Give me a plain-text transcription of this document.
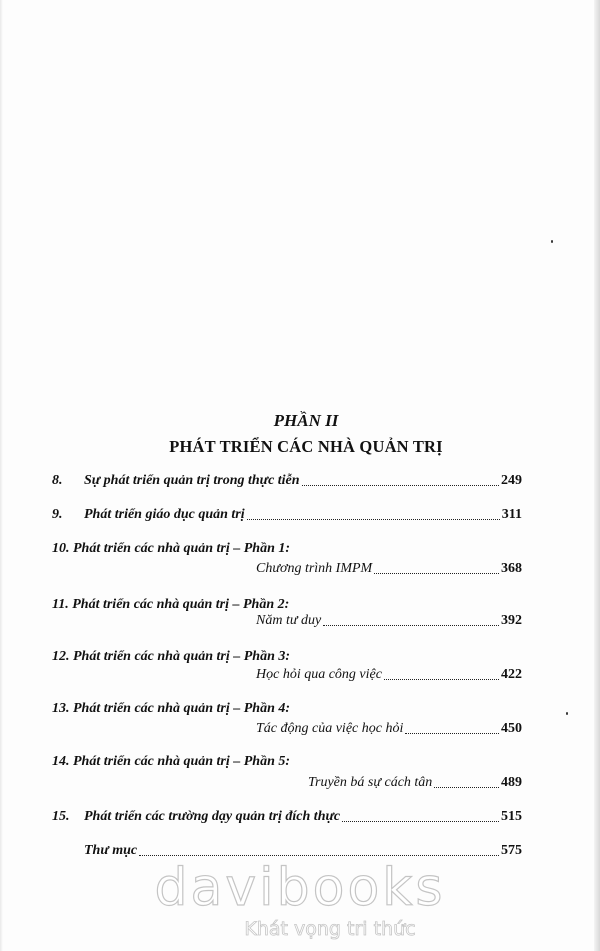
PHẦN II
PHÁT TRIỂN CÁC NHÀ QUẢN TRỊ
8.	Sự phát triển quản trị trong thực tiễn	249
9.	Phát triển giáo dục quản trị	311
10. Phát triển các nhà quản trị – Phần 1:
Chương trình IMPM	368
11. Phát triển các nhà quản trị – Phần 2:
Năm tư duy	392
12. Phát triển các nhà quản trị – Phần 3:
Học hỏi qua công việc	422
13. Phát triển các nhà quản trị – Phần 4:
Tác động của việc học hỏi	450
14. Phát triển các nhà quản trị – Phần 5:
Truyền bá sự cách tân	489
15.	Phát triển các trường dạy quản trị đích thực	515
Thư mục	575
davibooks
Khát vọng tri thức
